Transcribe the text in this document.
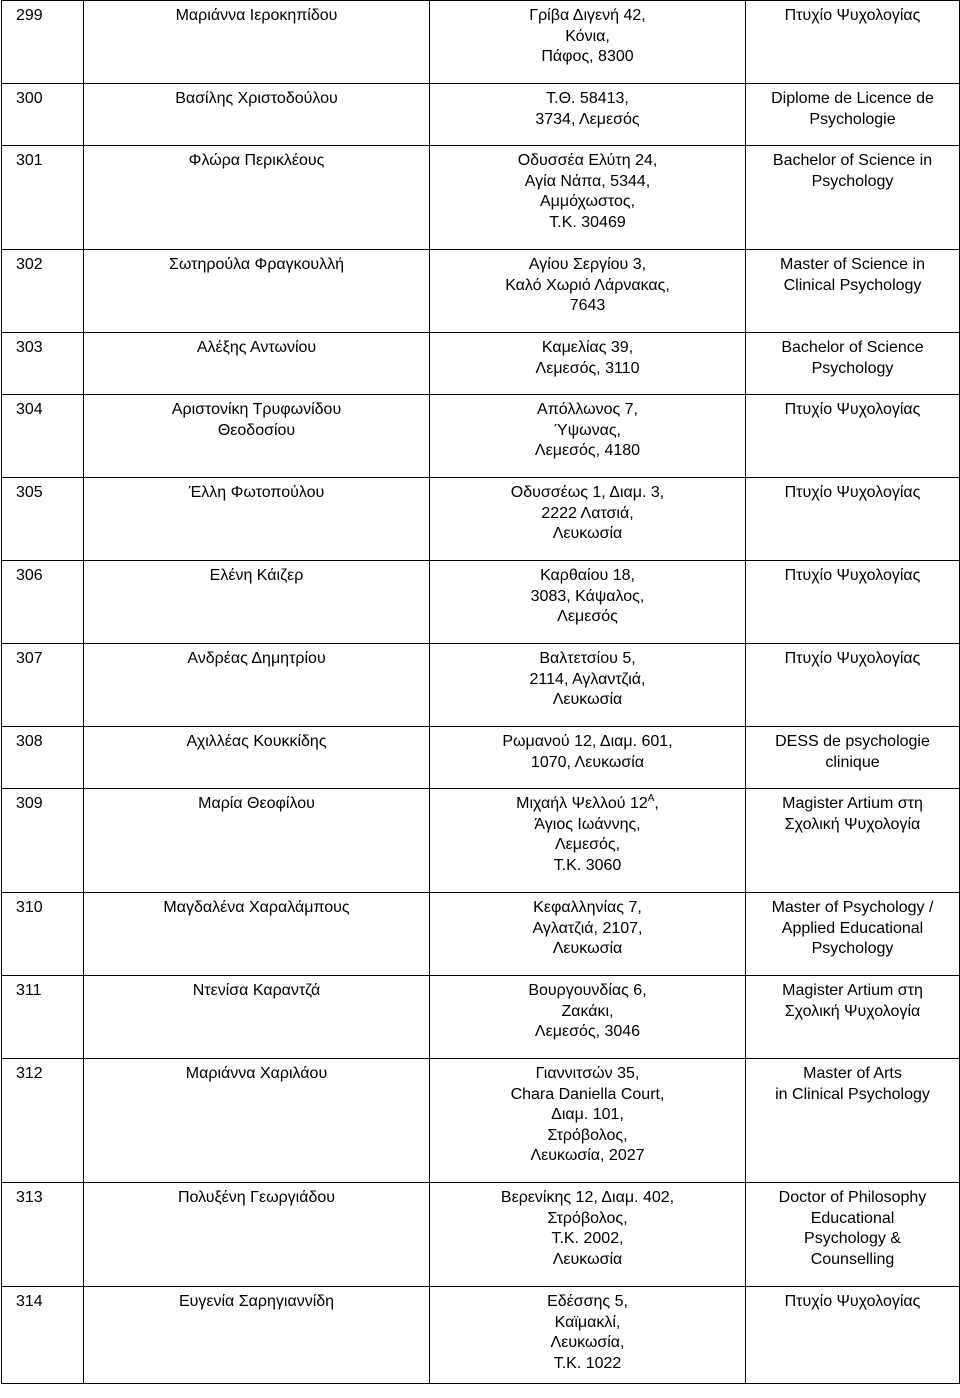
299	Μαριάννα Ιεροκηπίδου	Γρίβα Διγενή 42,
Κόνια,
Πάφος, 8300	Πτυχίο Ψυχολογίας

300	Βασίλης Χριστοδούλου	Τ.Θ. 58413,
3734, Λεμεσός	Diplome de Licence de
Psychologie

301	Φλώρα Περικλέους	Οδυσσέα Ελύτη 24,
Αγία Νάπα, 5344,
Αμμόχωστος,
Τ.Κ. 30469	Bachelor of Science in
Psychology

302	Σωτηρούλα Φραγκουλλή	Αγίου Σεργίου 3,
Καλό Χωριό Λάρνακας,
7643	Master of Science in
Clinical Psychology

303	Αλέξης Αντωνίου	Καμελίας 39,
Λεμεσός, 3110	Bachelor of Science
Psychology

304	Αριστονίκη Τρυφωνίδου
Θεοδοσίου	Απόλλωνος 7,
Ύψωνας,
Λεμεσός, 4180	Πτυχίο Ψυχολογίας

305	Έλλη Φωτοπούλου	Οδυσσέως 1, Διαμ. 3,
2222 Λατσιά,
Λευκωσία	Πτυχίο Ψυχολογίας

306	Ελένη Κάιζερ	Καρθαίου 18,
3083, Κάψαλος,
Λεμεσός	Πτυχίο Ψυχολογίας

307	Ανδρέας Δημητρίου	Βαλτετσίου 5,
2114, Αγλαντζιά,
Λευκωσία	Πτυχίο Ψυχολογίας

308	Αχιλλέας Κουκκίδης	Ρωμανού 12, Διαμ. 601,
1070, Λευκωσία	DESS de psychologie
clinique

309	Μαρία Θεοφίλου	Μιχαήλ Ψελλού $12^A$,
Άγιος Ιωάννης,
Λεμεσός,
Τ.Κ. 3060	Magister Artium στη
Σχολική Ψυχολογία

310	Μαγδαλένα Χαραλάμπους	Κεφαλληνίας 7,
Αγλατζιά, 2107,
Λευκωσία	Master of Psychology /
Applied Educational
Psychology

311	Ντενίσα Καραντζά	Βουργουνδίας 6,
Ζακάκι,
Λεμεσός, 3046	Magister Artium στη
Σχολική Ψυχολογία

312	Μαριάννα Χαριλάου	Γιαννιτσών 35,
Chara Daniella Court,
Διαμ. 101,
Στρόβολος,
Λευκωσία, 2027	Master of Arts
in Clinical Psychology

313	Πολυξένη Γεωργιάδου	Βερενίκης 12, Διαμ. 402,
Στρόβολος,
Τ.Κ. 2002,
Λευκωσία	Doctor of Philosophy
Educational
Psychology &
Counselling

314	Ευγενία Σαρηγιαννίδη	Εδέσσης 5,
Καϊμακλί,
Λευκωσία,
Τ.Κ. 1022	Πτυχίο Ψυχολογίας
